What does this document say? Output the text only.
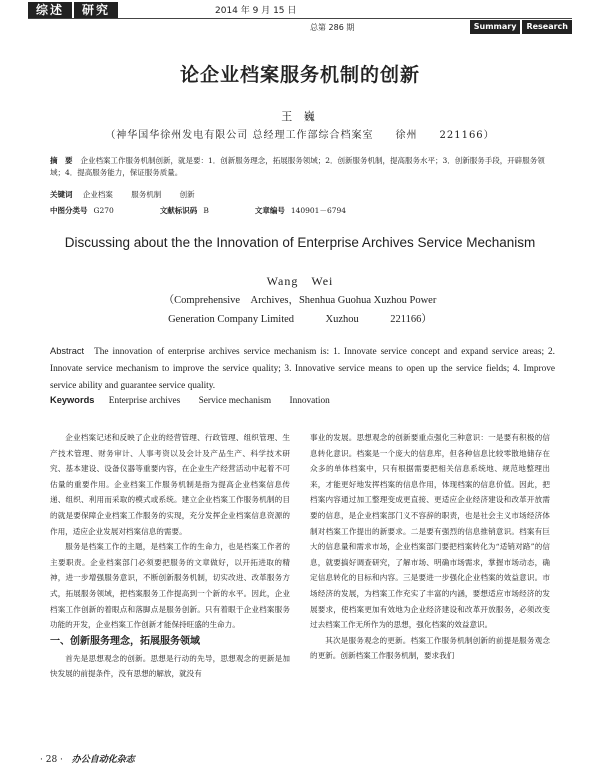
综述	研究	2014 年 9 月 15 日
总第 286 期	Summary	Research
论企业档案服务机制的创新
王 巍
（神华国华徐州发电有限公司 总经理工作部综合档案室　　徐州　　221166）
摘　要 企业档案工作服务机制创新，就是要：1．创新服务理念，拓展服务领域；2．创新服务机制，提高服务水平；3．创新服务手段，开辟服务领域；4．提高服务能力，保证服务质量。
关键词 企业档案 服务机制 创新
中图分类号 G270	文献标识码 B	文章编号 140901－6794
Discussing about the the Innovation of Enterprise Archives Service Mechanism
Wang　Wei
（Comprehensive　Archives，Shenhua Guohua Xuzhou Power
Generation Company Limited　　　Xuzhou　　　221166）
Abstract The innovation of enterprise archives service mechanism is: 1. Innovate service concept and expand service areas; 2. Innovate service mechanism to improve the service quality; 3. Innovative service means to open up the service fields; 4. Improve service ability and guarantee service quality.
Keywords Enterprise archives Service mechanism Innovation

企业档案记述和反映了企业的经营管理、行政管理、组织管理、生产技术管理、财务审计、人事考资以及会计及产品生产、科学技术研究、基本建设、设备仪器等重要内容，在企业生产经营活动中起着不可估量的重要作用。企业档案工作服务机制是指为提高企业档案信息传递、组织、利用而采取的模式或系统。建立企业档案工作服务机制的目的就是要保障企业档案工作服务的实现，充分发挥企业档案信息资源的作用，适应企业发展对档案信息的需要。

服务是档案工作的主题，是档案工作的生命力，也是档案工作者的主要职责。企业档案部门必须要把服务的文章做好，以开拓进取的精神，进一步增强服务意识，不断创新服务机制，切实改进、改革服务方式，拓展服务领域，把档案服务工作提高到一个新的水平。因此，企业档案工作创新的着眼点和落脚点是服务创新。只有着眼于企业档案服务功能的开发，企业档案工作创新才能保持旺盛的生命力。

一、创新服务理念，拓展服务领域

首先是思想观念的创新。思想是行动的先导，思想观念的更新是加快发展的前提条件，没有思想的解放，就没有

事业的发展。思想观念的创新要重点强化三种意识：一是要有积极的信息转化意识。档案是一个庞大的信息库，但各种信息比较零散地储存在众多的单体档案中，只有根据需要把相关信息系统地、规范地整理出来，才能更好地发挥档案的信息作用，体现档案的信息价值。因此，把档案内容通过加工整理变成更直接、更适应企业经济建设和改革开放需要的信息，是企业档案部门义不容辞的职责，也是社会主义市场经济体制对档案工作提出的新要求。二是要有强烈的信息推销意识。档案有巨大的信息量和需求市场，企业档案部门要把档案转化为“适销对路”的信息，就要搞好调查研究，了解市场、明确市场需求，掌握市场动态，确定信息转化的目标和内容。三是要进一步强化企业档案的效益意识。市场经济的发展，为档案工作充实了丰富的内涵，要想适应市场经济的发展要求，使档案更加有效地为企业经济建设和改革开放服务，必须改变过去档案工作无所作为的思想，强化档案的效益意识。

其次是服务观念的更新。档案工作服务机制创新的前提是服务观念的更新。创新档案工作服务机制，要求我们

· 28 · 办公自动化杂志
